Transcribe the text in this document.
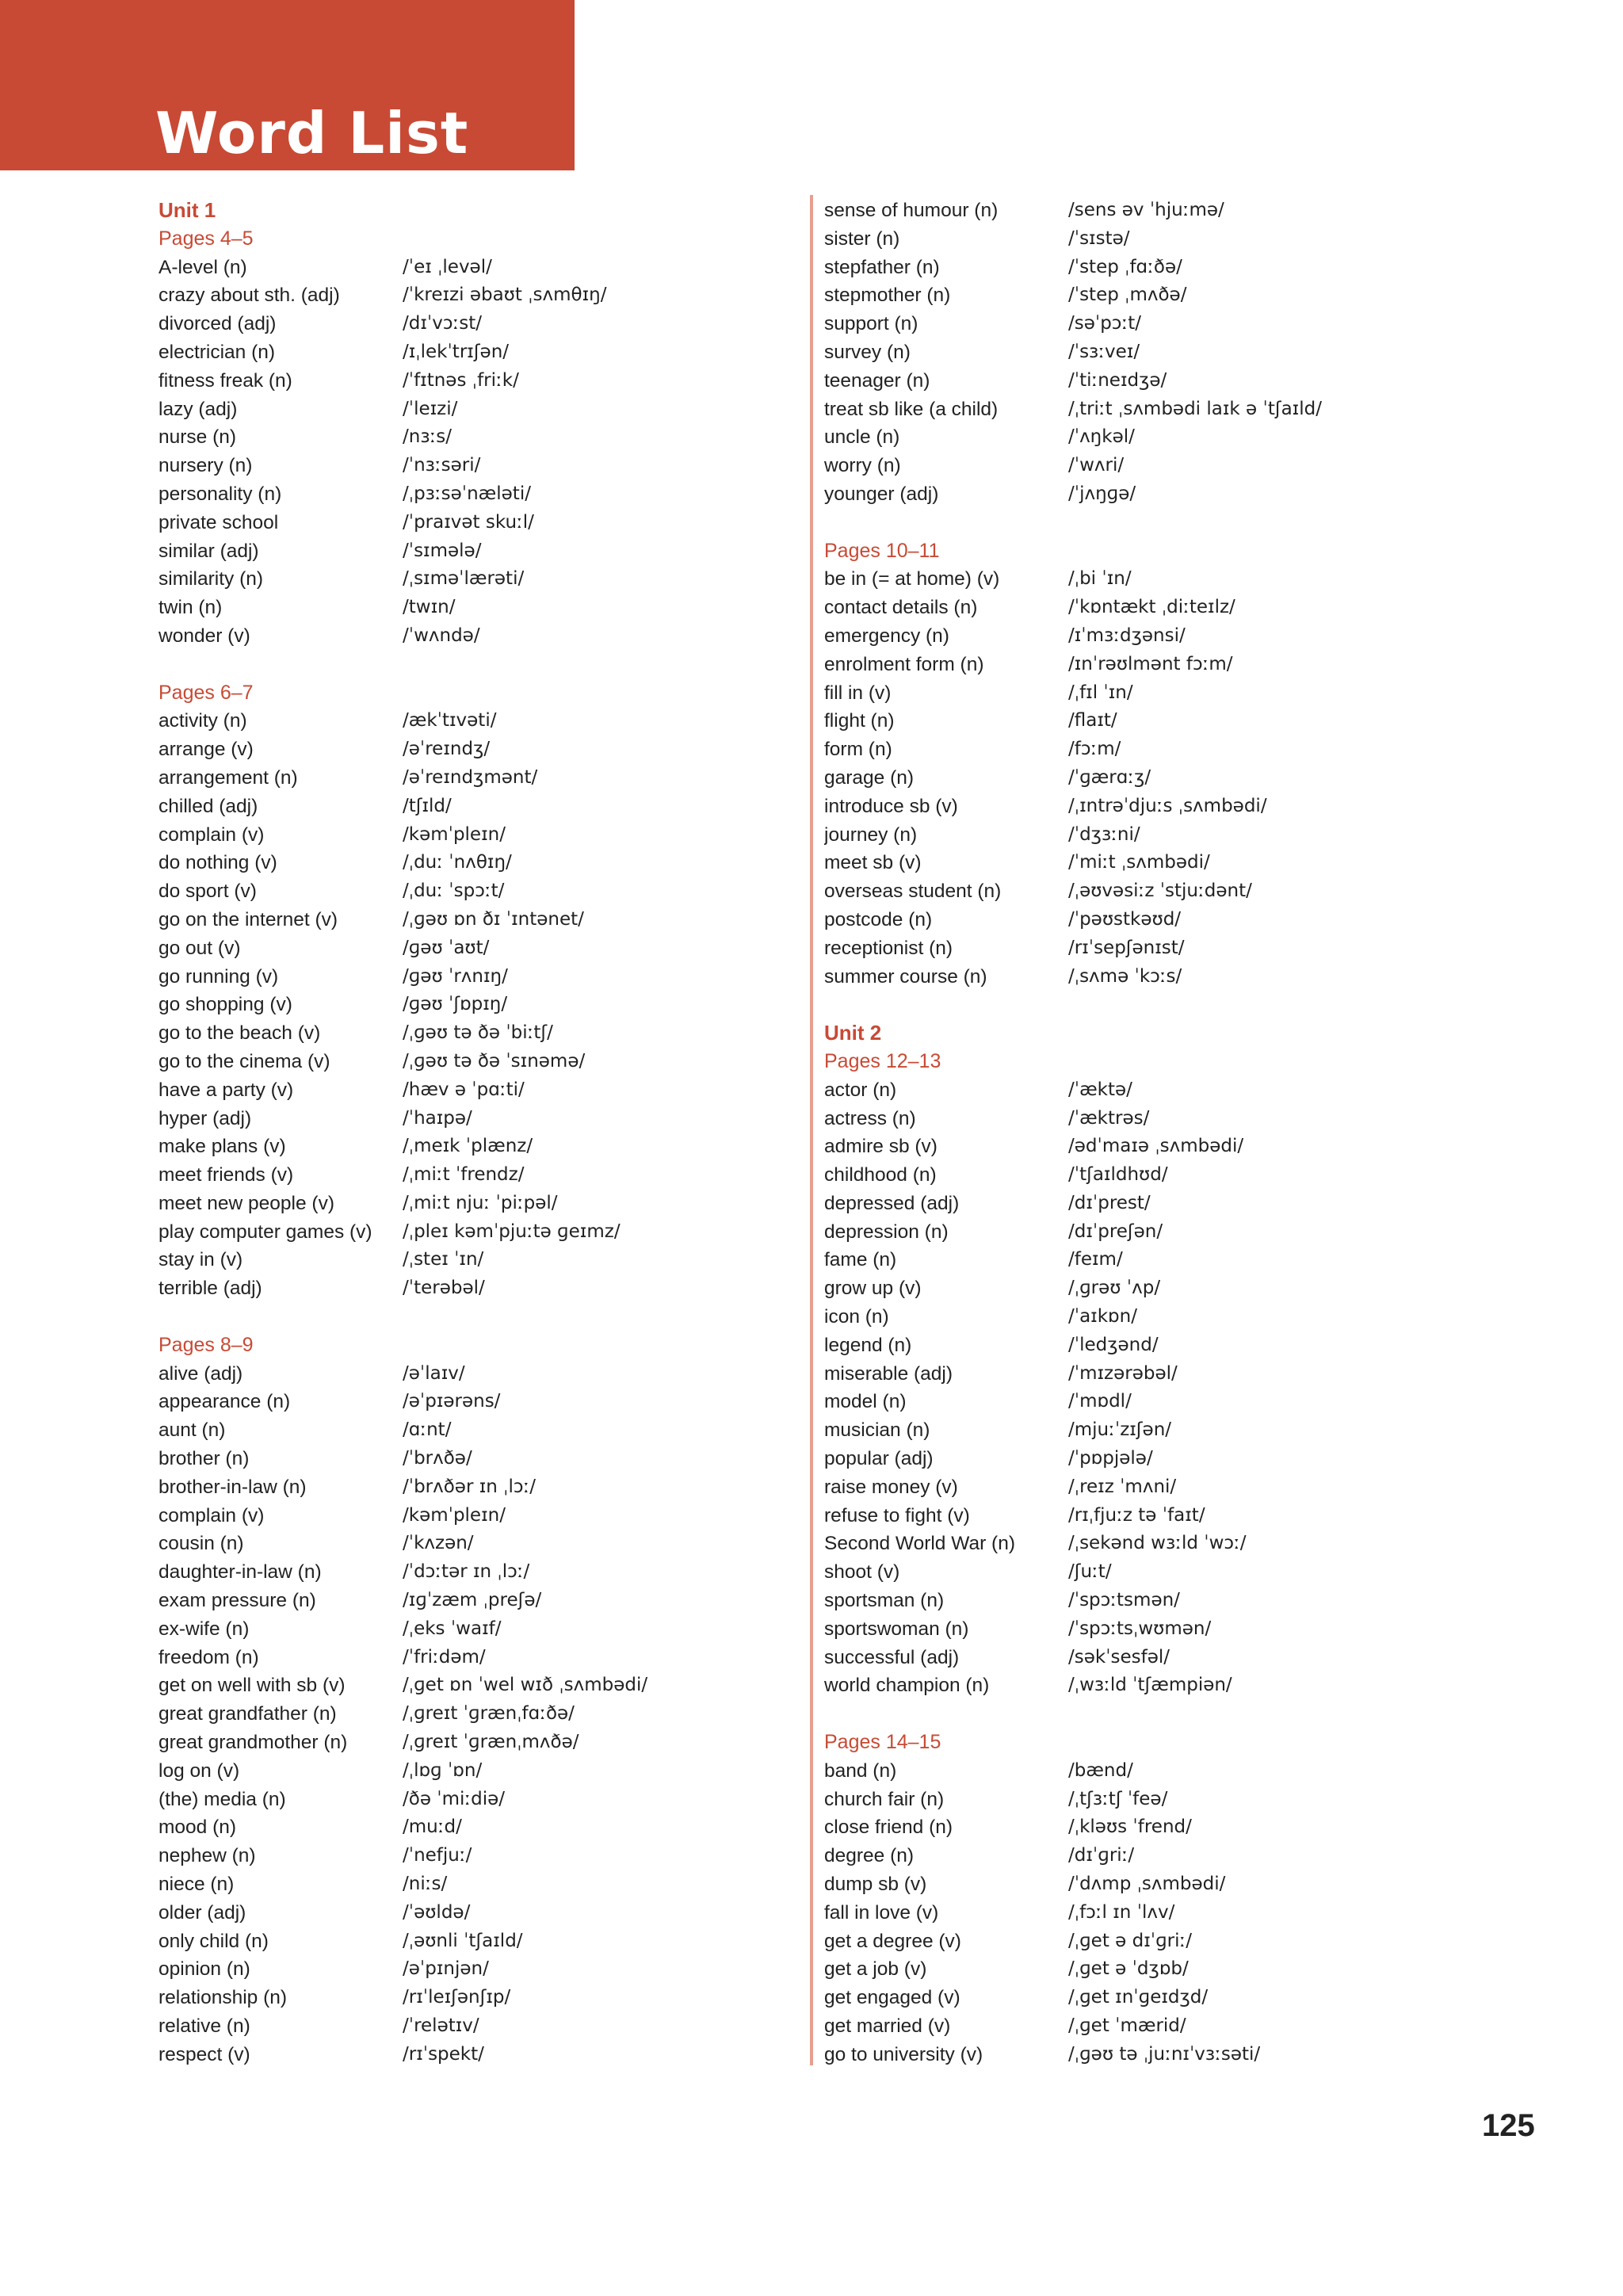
Word List
Unit 1
Pages 4–5
A-level (n)	/ˈeɪ ˌlevəl/
crazy about sth. (adj)	/ˈkreɪzi əbaʊt ˌsʌmθɪŋ/
divorced (adj)	/dɪˈvɔːst/
electrician (n)	/ɪˌlekˈtrɪʃən/
fitness freak (n)	/ˈfɪtnəs ˌfriːk/
lazy (adj)	/ˈleɪzi/
nurse (n)	/nɜːs/
nursery (n)	/ˈnɜːsəri/
personality (n)	/ˌpɜːsəˈnæləti/
private school	/ˈpraɪvət skuːl/
similar (adj)	/ˈsɪmələ/
similarity (n)	/ˌsɪməˈlærəti/
twin (n)	/twɪn/
wonder (v)	/ˈwʌndə/
Pages 6–7
activity (n)	/ækˈtɪvəti/
arrange (v)	/əˈreɪndʒ/
arrangement (n)	/əˈreɪndʒmənt/
chilled (adj)	/tʃɪld/
complain (v)	/kəmˈpleɪn/
do nothing (v)	/ˌduː ˈnʌθɪŋ/
do sport (v)	/ˌduː ˈspɔːt/
go on the internet (v)	/ˌɡəʊ ɒn ðɪ ˈɪntənet/
go out (v)	/ɡəʊ ˈaʊt/
go running (v)	/ɡəʊ ˈrʌnɪŋ/
go shopping (v)	/ɡəʊ ˈʃɒpɪŋ/
go to the beach (v)	/ˌɡəʊ tə ðə ˈbiːtʃ/
go to the cinema (v)	/ˌɡəʊ tə ðə ˈsɪnəmə/
have a party (v)	/hæv ə ˈpɑːti/
hyper (adj)	/ˈhaɪpə/
make plans (v)	/ˌmeɪk ˈplænz/
meet friends (v)	/ˌmiːt ˈfrendz/
meet new people (v)	/ˌmiːt njuː ˈpiːpəl/
play computer games (v)	/ˌpleɪ kəmˈpjuːtə ɡeɪmz/
stay in (v)	/ˌsteɪ ˈɪn/
terrible (adj)	/ˈterəbəl/
Pages 8–9
alive (adj)	/əˈlaɪv/
appearance (n)	/əˈpɪərəns/
aunt (n)	/ɑːnt/
brother (n)	/ˈbrʌðə/
brother-in-law (n)	/ˈbrʌðər ɪn ˌlɔː/
complain (v)	/kəmˈpleɪn/
cousin (n)	/ˈkʌzən/
daughter-in-law (n)	/ˈdɔːtər ɪn ˌlɔː/
exam pressure (n)	/ɪɡˈzæm ˌpreʃə/
ex-wife (n)	/ˌeks ˈwaɪf/
freedom (n)	/ˈfriːdəm/
get on well with sb (v)	/ˌɡet ɒn ˈwel wɪð ˌsʌmbədi/
great grandfather (n)	/ˌɡreɪt ˈɡrænˌfɑːðə/
great grandmother (n)	/ˌɡreɪt ˈɡrænˌmʌðə/
log on (v)	/ˌlɒɡ ˈɒn/
(the) media (n)	/ðə ˈmiːdiə/
mood (n)	/muːd/
nephew (n)	/ˈnefjuː/
niece (n)	/niːs/
older (adj)	/ˈəʊldə/
only child (n)	/ˌəʊnli ˈtʃaɪld/
opinion (n)	/əˈpɪnjən/
relationship (n)	/rɪˈleɪʃənʃɪp/
relative (n)	/ˈrelətɪv/
respect (v)	/rɪˈspekt/
sense of humour (n)	/sens əv ˈhjuːmə/
sister (n)	/ˈsɪstə/
stepfather (n)	/ˈstep ˌfɑːðə/
stepmother (n)	/ˈstep ˌmʌðə/
support (n)	/səˈpɔːt/
survey (n)	/ˈsɜːveɪ/
teenager (n)	/ˈtiːneɪdʒə/
treat sb like (a child)	/ˌtriːt ˌsʌmbədi laɪk ə ˈtʃaɪld/
uncle (n)	/ˈʌŋkəl/
worry (n)	/ˈwʌri/
younger (adj)	/ˈjʌŋɡə/
Pages 10–11
be in (= at home) (v)	/ˌbi ˈɪn/
contact details (n)	/ˈkɒntækt ˌdiːteɪlz/
emergency (n)	/ɪˈmɜːdʒənsi/
enrolment form (n)	/ɪnˈrəʊlmənt fɔːm/
fill in (v)	/ˌfɪl ˈɪn/
flight (n)	/flaɪt/
form (n)	/fɔːm/
garage (n)	/ˈɡærɑːʒ/
introduce sb (v)	/ˌɪntrəˈdjuːs ˌsʌmbədi/
journey (n)	/ˈdʒɜːni/
meet sb (v)	/ˈmiːt ˌsʌmbədi/
overseas student (n)	/ˌəʊvəsiːz ˈstjuːdənt/
postcode (n)	/ˈpəʊstkəʊd/
receptionist (n)	/rɪˈsepʃənɪst/
summer course (n)	/ˌsʌmə ˈkɔːs/
Unit 2
Pages 12–13
actor (n)	/ˈæktə/
actress (n)	/ˈæktrəs/
admire sb (v)	/ədˈmaɪə ˌsʌmbədi/
childhood (n)	/ˈtʃaɪldhʊd/
depressed (adj)	/dɪˈprest/
depression (n)	/dɪˈpreʃən/
fame (n)	/feɪm/
grow up (v)	/ˌɡrəʊ ˈʌp/
icon (n)	/ˈaɪkɒn/
legend (n)	/ˈledʒənd/
miserable (adj)	/ˈmɪzərəbəl/
model (n)	/ˈmɒdl/
musician (n)	/mjuːˈzɪʃən/
popular (adj)	/ˈpɒpjələ/
raise money (v)	/ˌreɪz ˈmʌni/
refuse to fight (v)	/rɪˌfjuːz tə ˈfaɪt/
Second World War (n)	/ˌsekənd wɜːld ˈwɔː/
shoot (v)	/ʃuːt/
sportsman (n)	/ˈspɔːtsmən/
sportswoman (n)	/ˈspɔːtsˌwʊmən/
successful (adj)	/səkˈsesfəl/
world champion (n)	/ˌwɜːld ˈtʃæmpiən/
Pages 14–15
band (n)	/bænd/
church fair (n)	/ˌtʃɜːtʃ ˈfeə/
close friend (n)	/ˌkləʊs ˈfrend/
degree (n)	/dɪˈɡriː/
dump sb (v)	/ˈdʌmp ˌsʌmbədi/
fall in love (v)	/ˌfɔːl ɪn ˈlʌv/
get a degree (v)	/ˌɡet ə dɪˈɡriː/
get a job (v)	/ˌɡet ə ˈdʒɒb/
get engaged (v)	/ˌɡet ɪnˈɡeɪdʒd/
get married (v)	/ˌɡet ˈmærid/
go to university (v)	/ˌɡəʊ tə ˌjuːnɪˈvɜːsəti/
125
